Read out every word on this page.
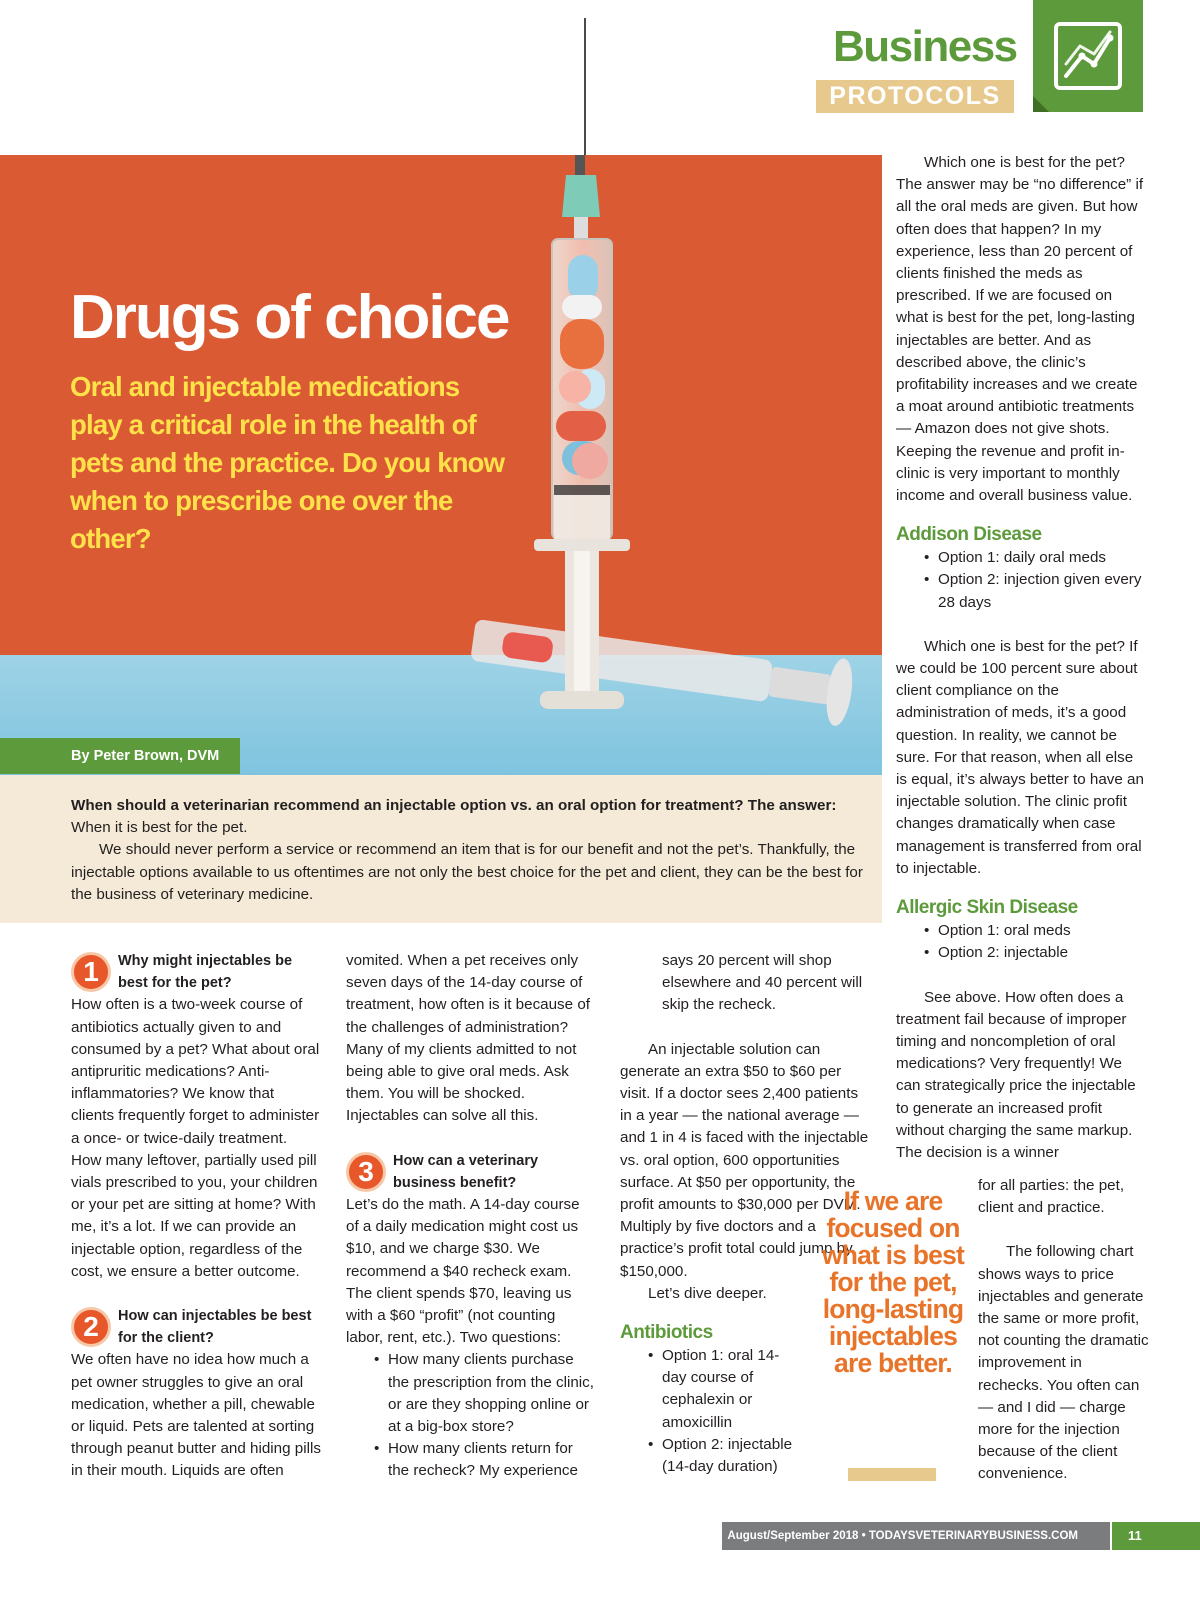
Business
PROTOCOLS
Drugs of choice
Oral and injectable medications play a critical role in the health of pets and the practice. Do you know when to prescribe one over the other?
By Peter Brown, DVM

When should a veterinarian recommend an injectable option vs. an oral option for treatment? The answer:
When it is best for the pet.

We should never perform a service or recommend an item that is for our benefit and not the pet’s. Thankfully, the injectable options available to us oftentimes are not only the best choice for the pet and client, they can be the best for the business of veterinary medicine.

1	Why might injectables be best for the pet?

How often is a two-week course of antibiotics actually given to and consumed by a pet? What about oral antipruritic medications? Anti-inflammatories? We know that clients frequently forget to administer a once- or twice-daily treatment. How many leftover, partially used pill vials prescribed to you, your children or your pet are sitting at home? With me, it’s a lot. If we can provide an injectable option, regardless of the cost, we ensure a better outcome.

2	How can injectables be best for the client?

We often have no idea how much a pet owner struggles to give an oral medication, whether a pill, chewable or liquid. Pets are talented at sorting through peanut butter and hiding pills in their mouth. Liquids are often

vomited. When a pet receives only seven days of the 14-day course of treatment, how often is it because of the challenges of administration? Many of my clients admitted to not being able to give oral meds. Ask them. You will be shocked. Injectables can solve all this.

3	How can a veterinary business benefit?

Let’s do the math. A 14-day course of a daily medication might cost us $10, and we charge $30. We recommend a $40 recheck exam. The client spends $70, leaving us with a $60 “profit” (not counting labor, rent, etc.). Two questions:

• How many clients purchase the prescription from the clinic, or are they shopping online or at a big-box store?
• How many clients return for the recheck? My experience

says 20 percent will shop elsewhere and 40 percent will skip the recheck.

An injectable solution can generate an extra $50 to $60 per visit. If a doctor sees 2,400 patients in a year — the national average — and 1 in 4 is faced with the injectable vs. oral option, 600 opportunities surface. At $50 per opportunity, the profit amounts to $30,000 per DVM. Multiply by five doctors and a practice’s profit total could jump by $150,000.

Let’s dive deeper.

Antibiotics
• Option 1: oral 14-day course of cephalexin or amoxicillin
• Option 2: injectable (14-day duration)
If we are focused on what is best for the pet, long-lasting injectables are better.

Which one is best for the pet? The answer may be “no difference” if all the oral meds are given. But how often does that happen? In my experience, less than 20 percent of clients finished the meds as prescribed. If we are focused on what is best for the pet, long-lasting injectables are better. And as described above, the clinic’s profitability increases and we create a moat around antibiotic treatments — Amazon does not give shots. Keeping the revenue and profit in-clinic is very important to monthly income and overall business value.

Addison Disease
• Option 1: daily oral meds
• Option 2: injection given every 28 days

Which one is best for the pet? If we could be 100 percent sure about client compliance on the administration of meds, it’s a good question. In reality, we cannot be sure. For that reason, when all else is equal, it’s always better to have an injectable solution. The clinic profit changes dramatically when case management is transferred from oral to injectable.

Allergic Skin Disease
• Option 1: oral meds
• Option 2: injectable

See above. How often does a treatment fail because of improper timing and noncompletion of oral medications? Very frequently! We can strategically price the injectable to generate an increased profit without charging the same markup. The decision is a winner

for all parties: the pet, client and practice.

The following chart shows ways to price injectables and generate the same or more profit, not counting the dramatic improvement in rechecks. You often can — and I did — charge more for the injection because of the client convenience.

August/September 2018 • TODAYSVETERINARYBUSINESS.COM	11
